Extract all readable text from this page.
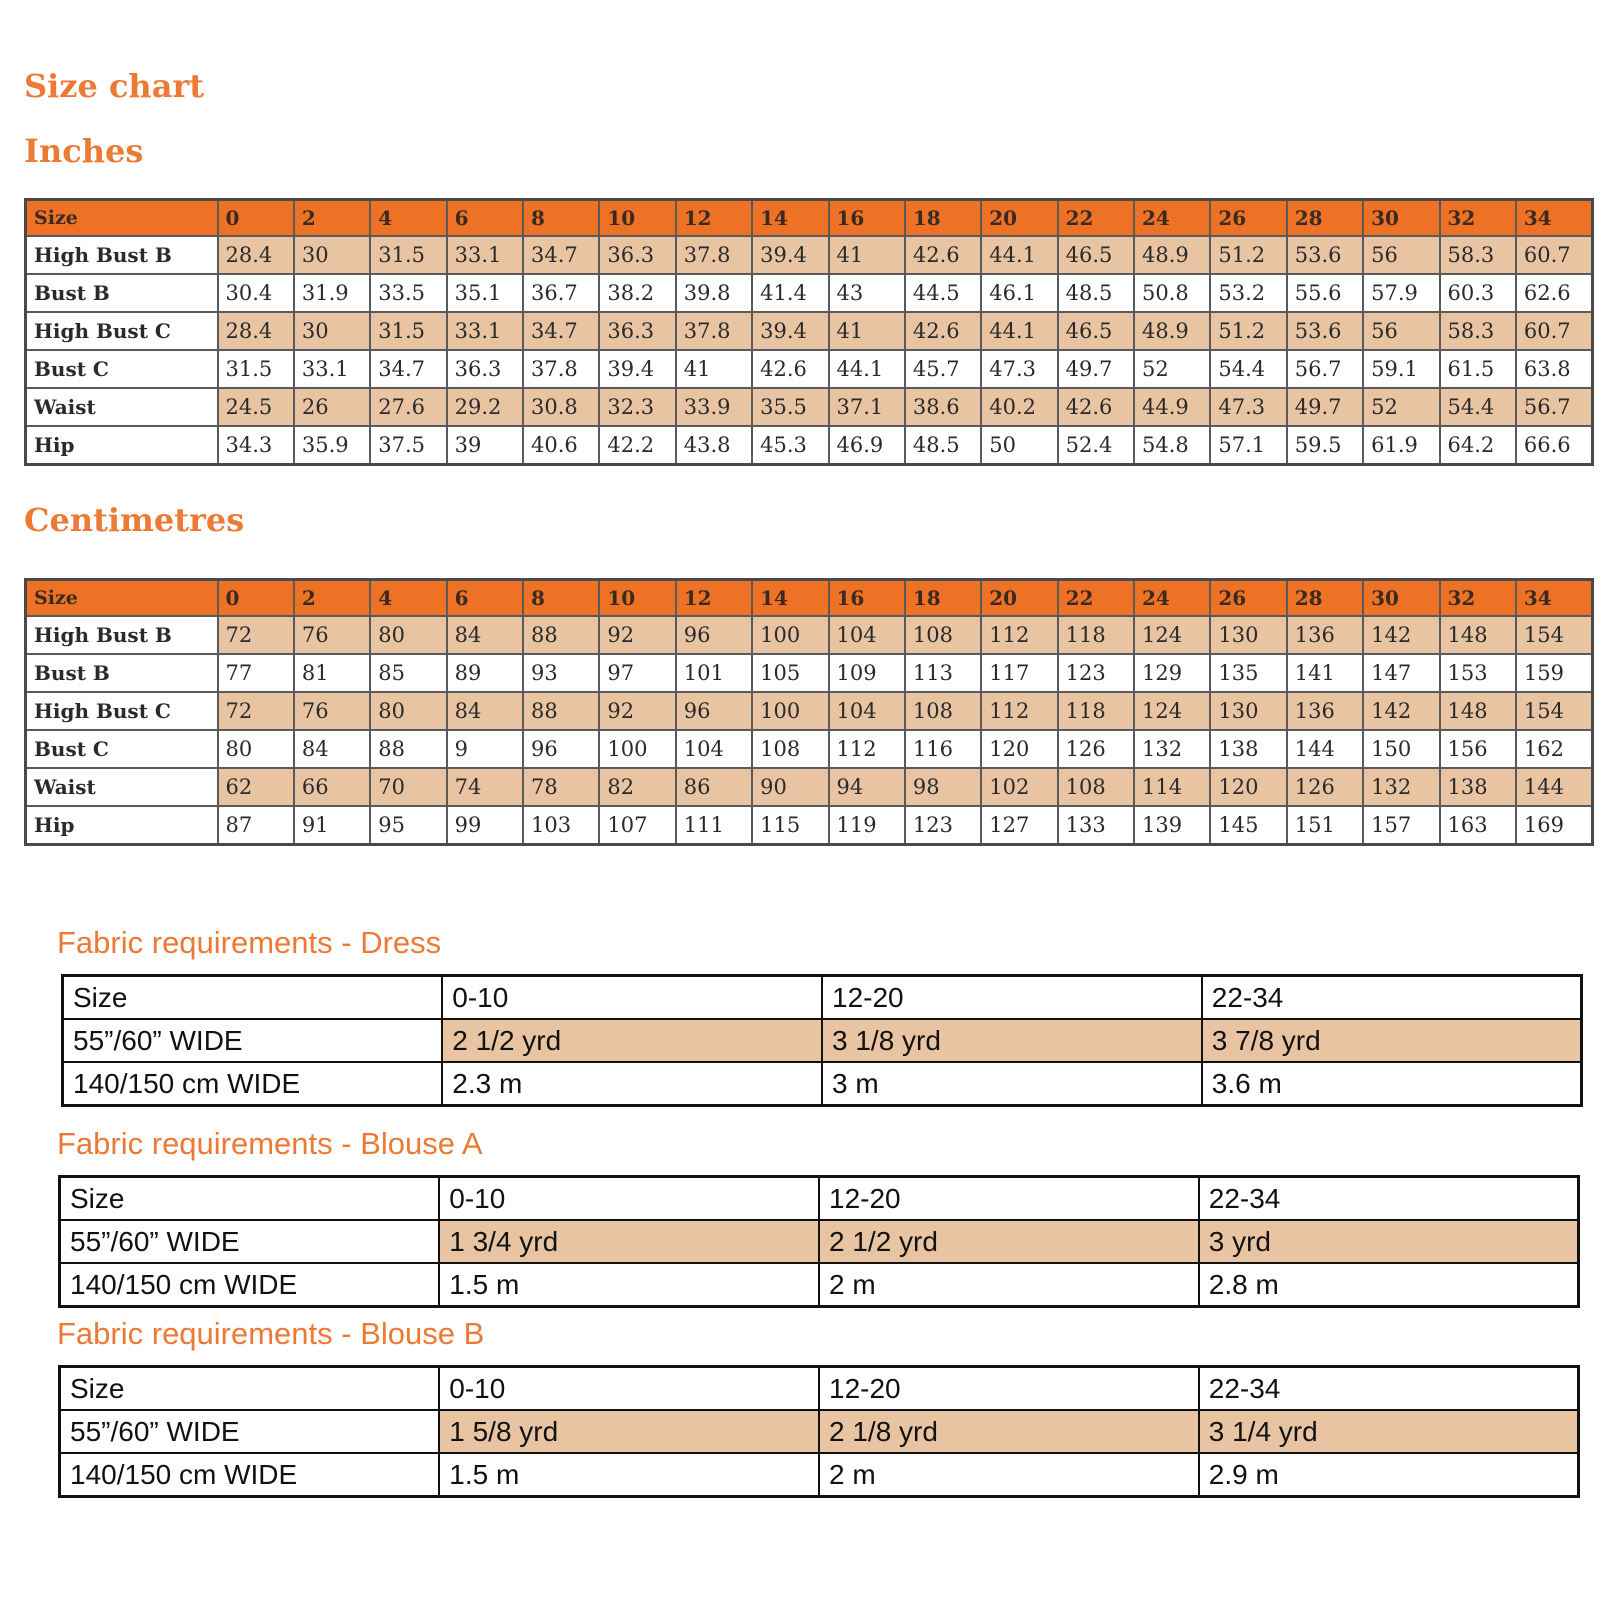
Size chart
Inches
Size	0	2	4	6	8	10	12	14	16	18	20	22	24	26	28	30	32	34
High Bust B	28.4	30	31.5	33.1	34.7	36.3	37.8	39.4	41	42.6	44.1	46.5	48.9	51.2	53.6	56	58.3	60.7
Bust B	30.4	31.9	33.5	35.1	36.7	38.2	39.8	41.4	43	44.5	46.1	48.5	50.8	53.2	55.6	57.9	60.3	62.6
High Bust C	28.4	30	31.5	33.1	34.7	36.3	37.8	39.4	41	42.6	44.1	46.5	48.9	51.2	53.6	56	58.3	60.7
Bust C	31.5	33.1	34.7	36.3	37.8	39.4	41	42.6	44.1	45.7	47.3	49.7	52	54.4	56.7	59.1	61.5	63.8
Waist	24.5	26	27.6	29.2	30.8	32.3	33.9	35.5	37.1	38.6	40.2	42.6	44.9	47.3	49.7	52	54.4	56.7
Hip	34.3	35.9	37.5	39	40.6	42.2	43.8	45.3	46.9	48.5	50	52.4	54.8	57.1	59.5	61.9	64.2	66.6
Centimetres
Size	0	2	4	6	8	10	12	14	16	18	20	22	24	26	28	30	32	34
High Bust B	72	76	80	84	88	92	96	100	104	108	112	118	124	130	136	142	148	154
Bust B	77	81	85	89	93	97	101	105	109	113	117	123	129	135	141	147	153	159
High Bust C	72	76	80	84	88	92	96	100	104	108	112	118	124	130	136	142	148	154
Bust C	80	84	88	9	96	100	104	108	112	116	120	126	132	138	144	150	156	162
Waist	62	66	70	74	78	82	86	90	94	98	102	108	114	120	126	132	138	144
Hip	87	91	95	99	103	107	111	115	119	123	127	133	139	145	151	157	163	169
Fabric requirements - Dress
Size	0-10	12-20	22-34
55”/60” WIDE	2 1/2 yrd	3 1/8 yrd	3 7/8 yrd
140/150 cm WIDE	2.3 m	3 m	3.6 m
Fabric requirements - Blouse A
Size	0-10	12-20	22-34
55”/60” WIDE	1 3/4 yrd	2 1/2 yrd	3 yrd
140/150 cm WIDE	1.5 m	2 m	2.8 m
Fabric requirements - Blouse B
Size	0-10	12-20	22-34
55”/60” WIDE	1 5/8 yrd	2 1/8 yrd	3 1/4 yrd
140/150 cm WIDE	1.5 m	2 m	2.9 m
